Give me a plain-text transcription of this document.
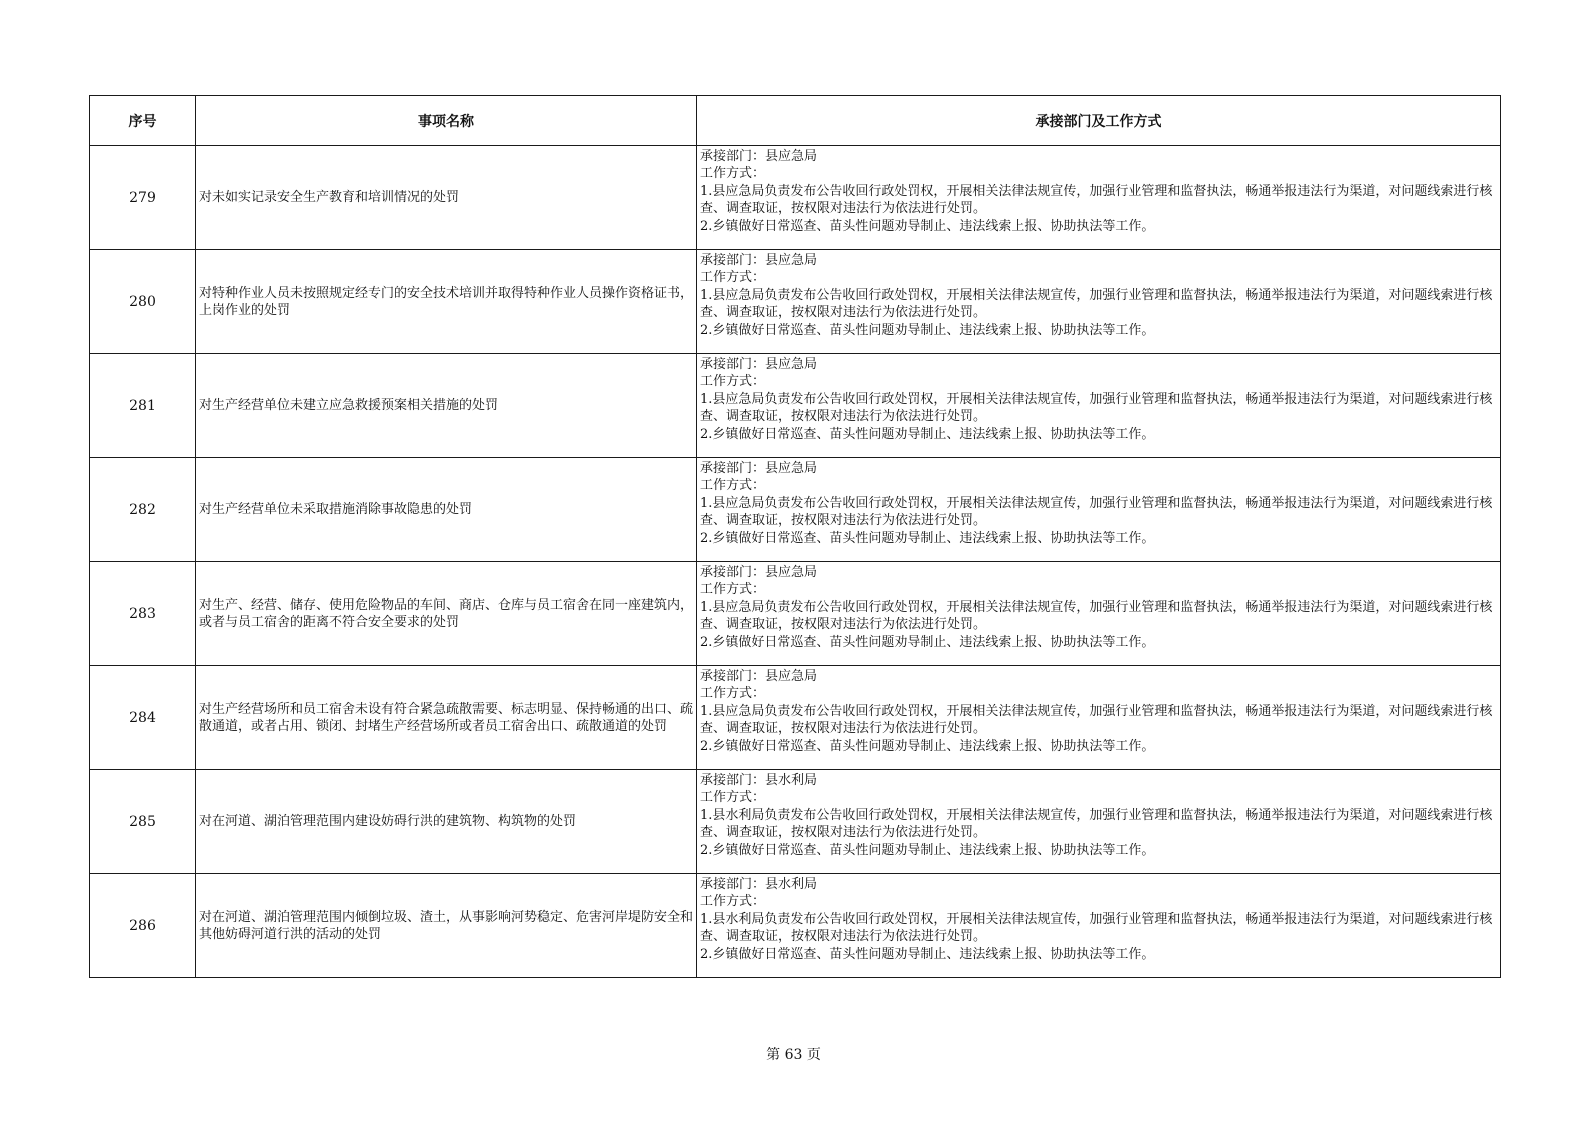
序号	事项名称	承接部门及工作方式
279	对未如实记录安全生产教育和培训情况的处罚	承接部门：县应急局
工作方式：
1.县应急局负责发布公告收回行政处罚权，开展相关法律法规宣传，加强行业管理和监督执法，畅通举报违法行为渠道，对问题线索进行核查、调查取证，按权限对违法行为依法进行处罚。
2.乡镇做好日常巡查、苗头性问题劝导制止、违法线索上报、协助执法等工作。

280	对特种作业人员未按照规定经专门的安全技术培训并取得特种作业人员操作资格证书，上岗作业的处罚	承接部门：县应急局
工作方式：
1.县应急局负责发布公告收回行政处罚权，开展相关法律法规宣传，加强行业管理和监督执法，畅通举报违法行为渠道，对问题线索进行核查、调查取证，按权限对违法行为依法进行处罚。
2.乡镇做好日常巡查、苗头性问题劝导制止、违法线索上报、协助执法等工作。

281	对生产经营单位未建立应急救援预案相关措施的处罚	承接部门：县应急局
工作方式：
1.县应急局负责发布公告收回行政处罚权，开展相关法律法规宣传，加强行业管理和监督执法，畅通举报违法行为渠道，对问题线索进行核查、调查取证，按权限对违法行为依法进行处罚。
2.乡镇做好日常巡查、苗头性问题劝导制止、违法线索上报、协助执法等工作。

282	对生产经营单位未采取措施消除事故隐患的处罚	承接部门：县应急局
工作方式：
1.县应急局负责发布公告收回行政处罚权，开展相关法律法规宣传，加强行业管理和监督执法，畅通举报违法行为渠道，对问题线索进行核查、调查取证，按权限对违法行为依法进行处罚。
2.乡镇做好日常巡查、苗头性问题劝导制止、违法线索上报、协助执法等工作。

283	对生产、经营、储存、使用危险物品的车间、商店、仓库与员工宿舍在同一座建筑内，或者与员工宿舍的距离不符合安全要求的处罚	承接部门：县应急局
工作方式：
1.县应急局负责发布公告收回行政处罚权，开展相关法律法规宣传，加强行业管理和监督执法，畅通举报违法行为渠道，对问题线索进行核查、调查取证，按权限对违法行为依法进行处罚。
2.乡镇做好日常巡查、苗头性问题劝导制止、违法线索上报、协助执法等工作。

284	对生产经营场所和员工宿舍未设有符合紧急疏散需要、标志明显、保持畅通的出口、疏散通道，或者占用、锁闭、封堵生产经营场所或者员工宿舍出口、疏散通道的处罚	承接部门：县应急局
工作方式：
1.县应急局负责发布公告收回行政处罚权，开展相关法律法规宣传，加强行业管理和监督执法，畅通举报违法行为渠道，对问题线索进行核查、调查取证，按权限对违法行为依法进行处罚。
2.乡镇做好日常巡查、苗头性问题劝导制止、违法线索上报、协助执法等工作。

285	对在河道、湖泊管理范围内建设妨碍行洪的建筑物、构筑物的处罚	承接部门：县水利局
工作方式：
1.县水利局负责发布公告收回行政处罚权，开展相关法律法规宣传，加强行业管理和监督执法，畅通举报违法行为渠道，对问题线索进行核查、调查取证，按权限对违法行为依法进行处罚。
2.乡镇做好日常巡查、苗头性问题劝导制止、违法线索上报、协助执法等工作。

286	对在河道、湖泊管理范围内倾倒垃圾、渣土，从事影响河势稳定、危害河岸堤防安全和其他妨碍河道行洪的活动的处罚	承接部门：县水利局
工作方式：
1.县水利局负责发布公告收回行政处罚权，开展相关法律法规宣传，加强行业管理和监督执法，畅通举报违法行为渠道，对问题线索进行核查、调查取证，按权限对违法行为依法进行处罚。
2.乡镇做好日常巡查、苗头性问题劝导制止、违法线索上报、协助执法等工作。
第 63 页
